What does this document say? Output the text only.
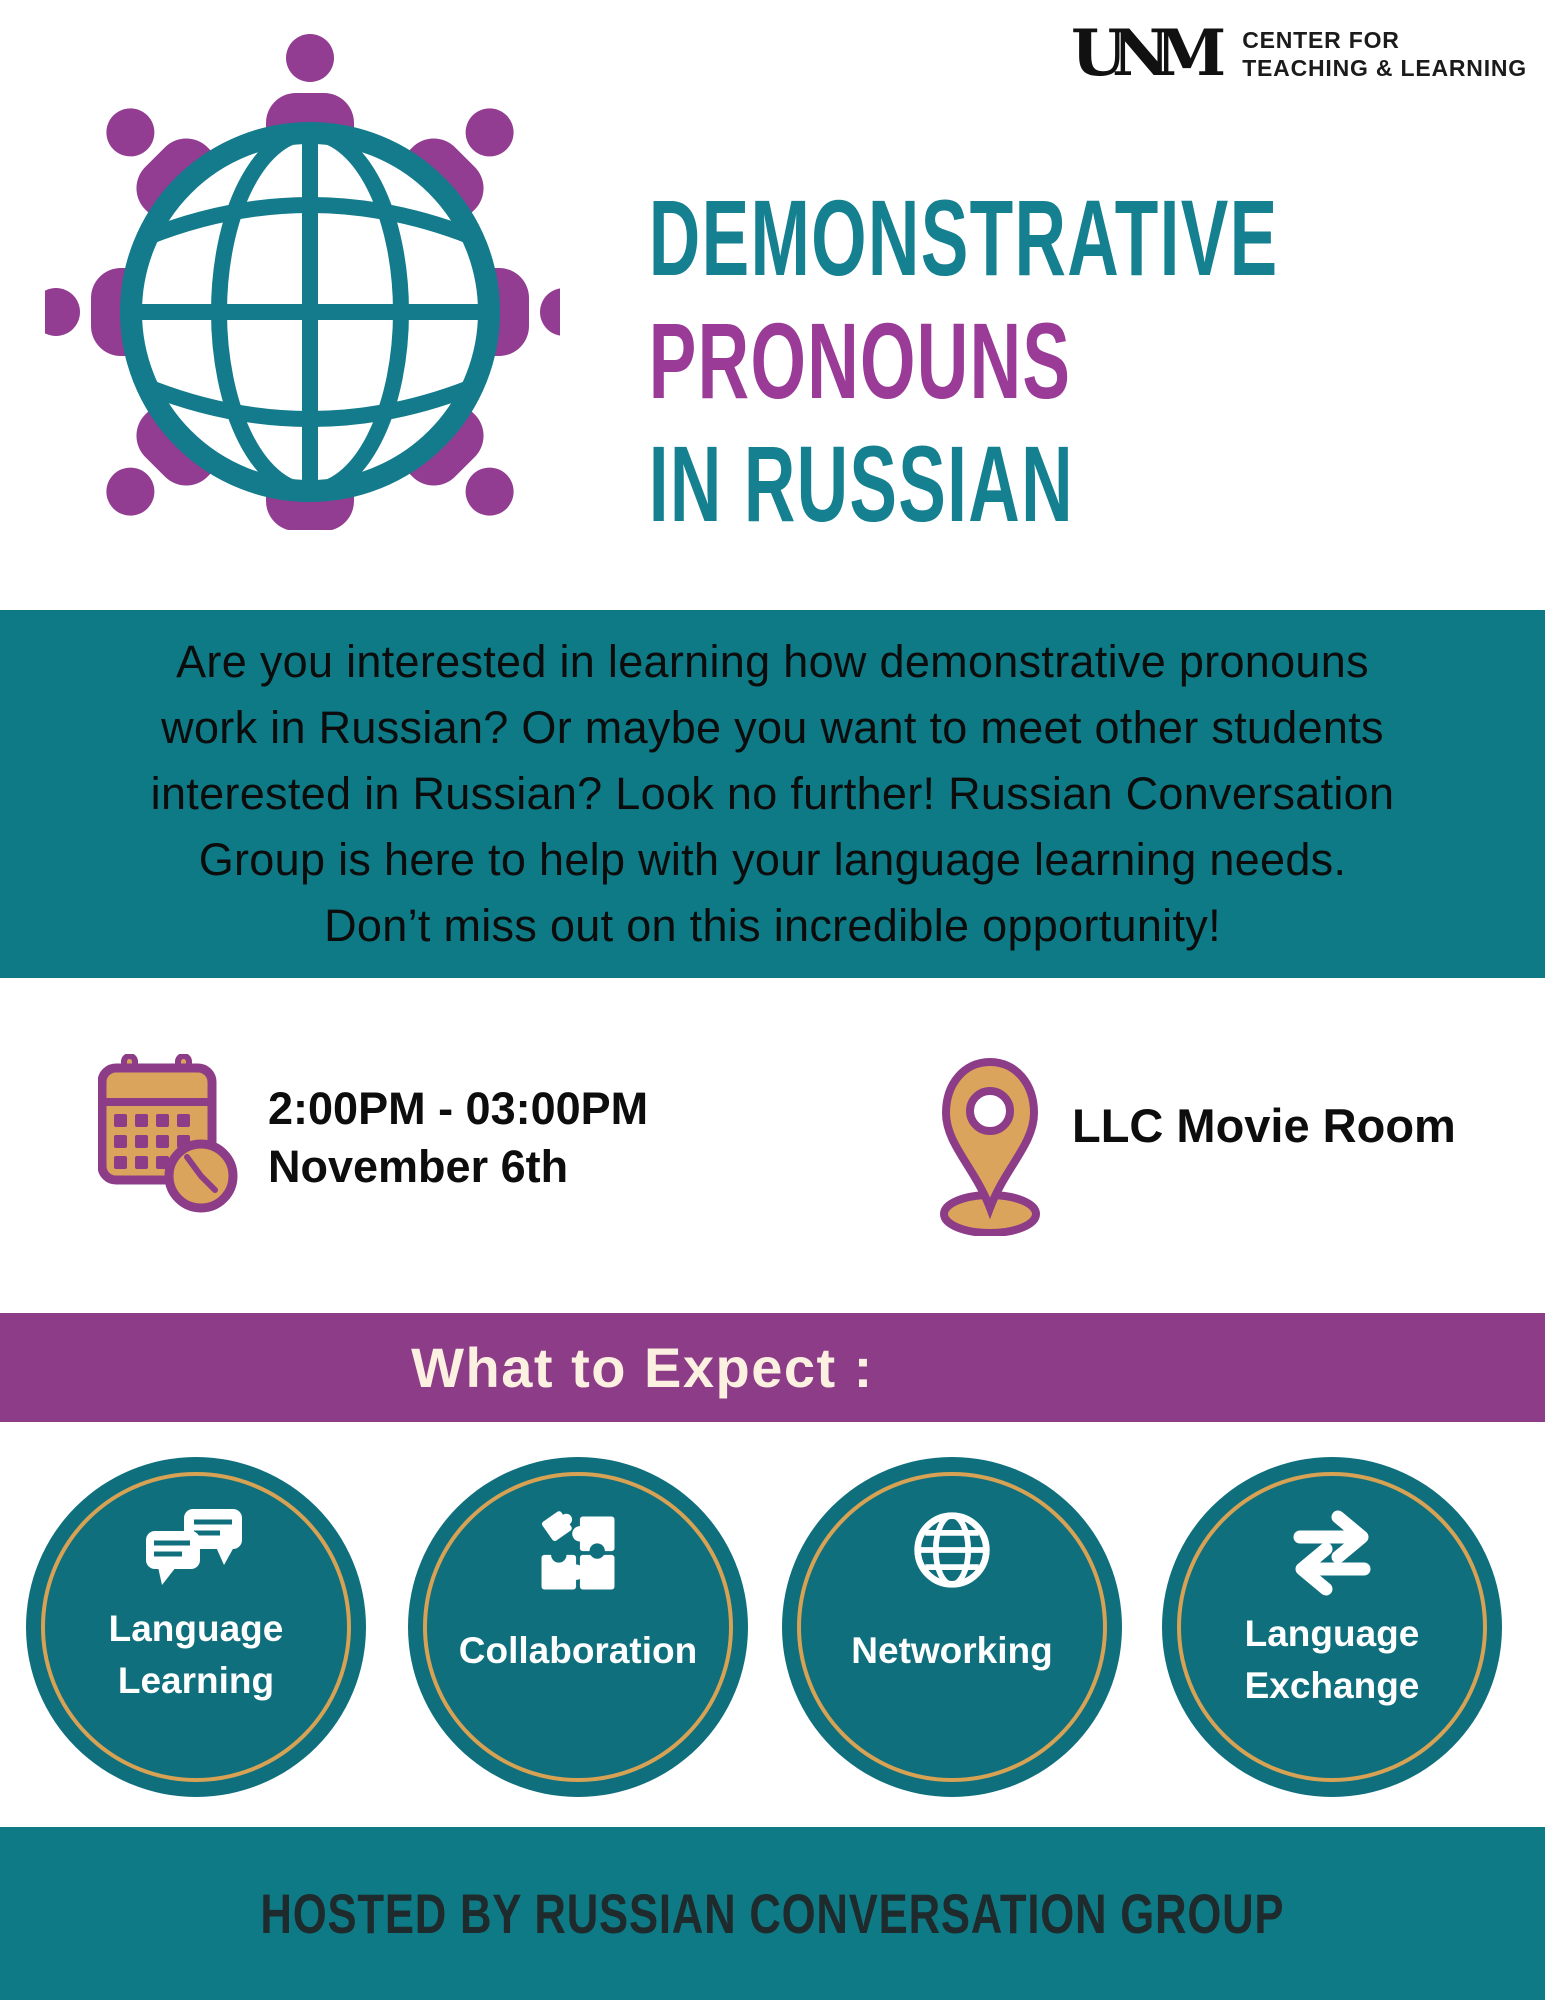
UNM	CENTER FOR
TEACHING & LEARNING
DEMONSTRATIVE
PRONOUNS
IN RUSSIAN
Are you interested in learning how demonstrative pronouns
work in Russian? Or maybe you want to meet other students
interested in Russian? Look no further! Russian Conversation
Group is here to help with your language learning needs.
Don’t miss out on this incredible opportunity!
2:00PM - 03:00PM
November 6th
LLC Movie Room
What to Expect :
Language
Learning
Collaboration	Networking	Language
Exchange
HOSTED BY RUSSIAN CONVERSATION GROUP
